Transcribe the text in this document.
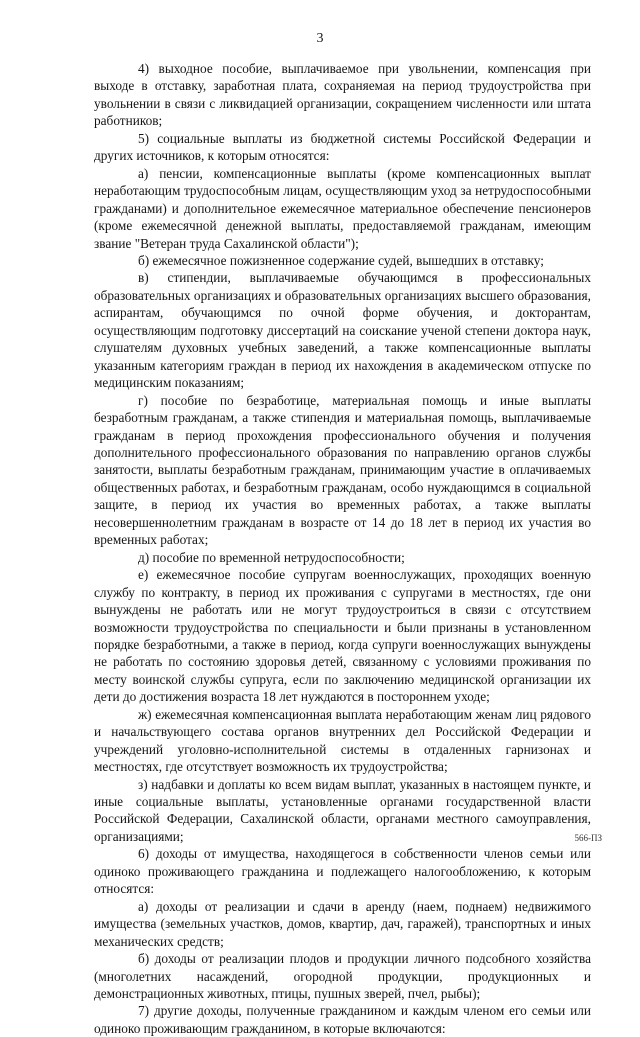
3

4) выходное пособие, выплачиваемое при увольнении, компенсация при выходе в отставку, заработная плата, сохраняемая на период трудоустройства при увольнении в связи с ликвидацией организации, сокращением численности или штата работников;

5) социальные выплаты из бюджетной системы Российской Федерации и других источников, к которым относятся:

а) пенсии, компенсационные выплаты (кроме компенсационных выплат неработающим трудоспособным лицам, осуществляющим уход за нетрудоспособными гражданами) и дополнительное ежемесячное материальное обеспечение пенсионеров (кроме ежемесячной денежной выплаты, предоставляемой гражданам, имеющим звание "Ветеран труда Сахалинской области");

б) ежемесячное пожизненное содержание судей, вышедших в отставку;

в) стипендии, выплачиваемые обучающимся в профессиональных образовательных организациях и образовательных организациях высшего образования, аспирантам, обучающимся по очной форме обучения, и докторантам, осуществляющим подготовку диссертаций на соискание ученой степени доктора наук, слушателям духовных учебных заведений, а также компенсационные выплаты указанным категориям граждан в период их нахождения в академическом отпуске по медицинским показаниям;

г) пособие по безработице, материальная помощь и иные выплаты безработным гражданам, а также стипендия и материальная помощь, выплачиваемые гражданам в период прохождения профессионального обучения и получения дополнительного профессионального образования по направлению органов службы занятости, выплаты безработным гражданам, принимающим участие в оплачиваемых общественных работах, и безработным гражданам, особо нуждающимся в социальной защите, в период их участия во временных работах, а также выплаты несовершеннолетним гражданам в возрасте от 14 до 18 лет в период их участия во временных работах;

д) пособие по временной нетрудоспособности;

е) ежемесячное пособие супругам военнослужащих, проходящих военную службу по контракту, в период их проживания с супругами в местностях, где они вынуждены не работать или не могут трудоустроиться в связи с отсутствием возможности трудоустройства по специальности и были признаны в установленном порядке безработными, а также в период, когда супруги военнослужащих вынуждены не работать по состоянию здоровья детей, связанному с условиями проживания по месту воинской службы супруга, если по заключению медицинской организации их дети до достижения возраста 18 лет нуждаются в постороннем уходе;

ж) ежемесячная компенсационная выплата неработающим женам лиц рядового и начальствующего состава органов внутренних дел Российской Федерации и учреждений уголовно-исполнительной системы в отдаленных гарнизонах и местностях, где отсутствует возможность их трудоустройства;

з) надбавки и доплаты ко всем видам выплат, указанных в настоящем пункте, и иные социальные выплаты, установленные органами государственной власти Российской Федерации, Сахалинской области, органами местного самоуправления, организациями;

6) доходы от имущества, находящегося в собственности членов семьи или одиноко проживающего гражданина и подлежащего налогообложению, к которым относятся:

а) доходы от реализации и сдачи в аренду (наем, поднаем) недвижимого имущества (земельных участков, домов, квартир, дач, гаражей), транспортных и иных механических средств;

б) доходы от реализации плодов и продукции личного подсобного хозяйства (многолетних насаждений, огородной продукции, продукционных и демонстрационных животных, птицы, пушных зверей, пчел, рыбы);

7) другие доходы, полученные гражданином и каждым членом его семьи или одиноко проживающим гражданином, в которые включаются:

566-ПЗ
